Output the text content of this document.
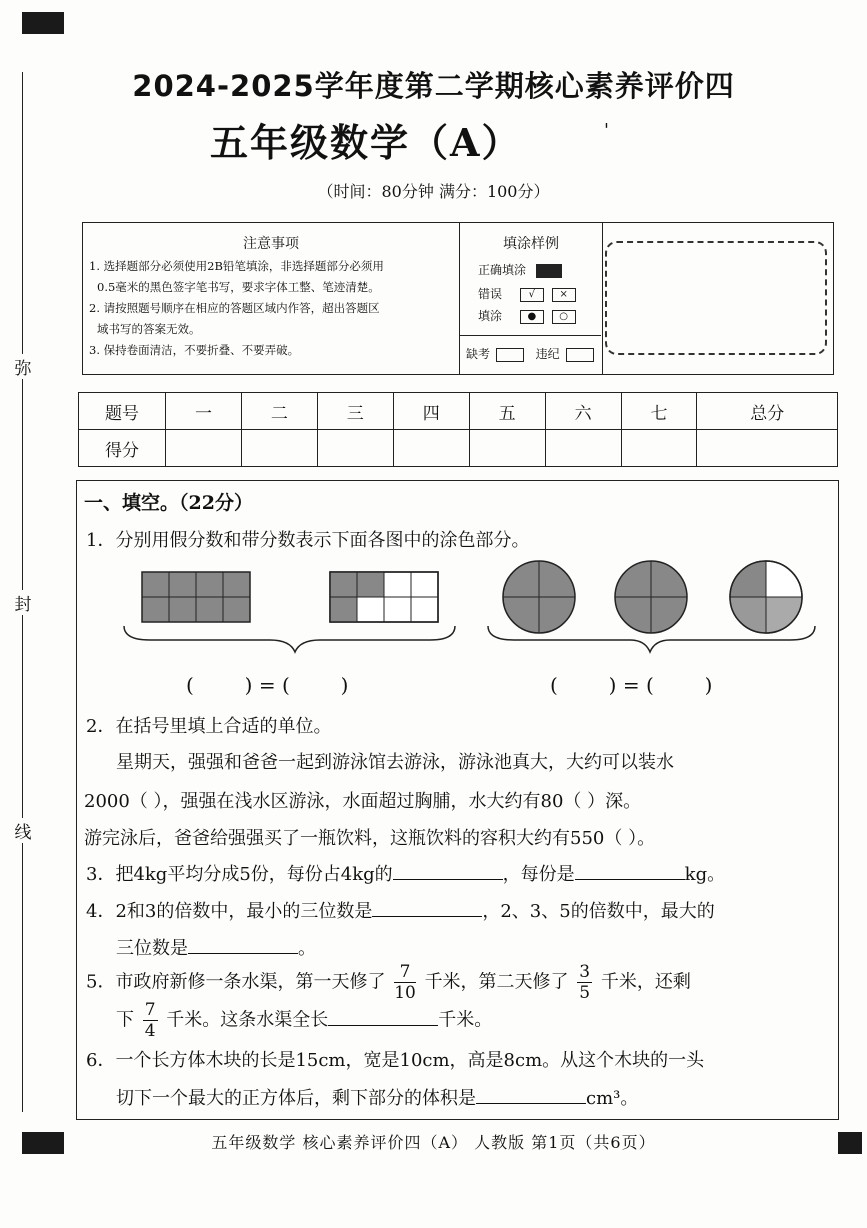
弥
封
线
2024-2025学年度第二学期核心素养评价四
五年级数学（A）	'
（时间：80分钟 满分：100分）
注意事项

1. 选择题部分必须使用2B铅笔填涂，非选择题部分必须用

0.5毫米的黑色签字笔书写，要求字体工整、笔迹清楚。

2. 请按照题号顺序在相应的答题区域内作答，超出答题区

域书写的答案无效。

3. 保持卷面清洁，不要折叠、不要弄破。

填涂样例
正确填涂
错误	√ ×
填涂	● ○
缺考	违纪
题号	一	二	三	四	五	六	七	总分
得分								
一、填空。（22分）
1．分别用假分数和带分数表示下面各图中的涂色部分。
(        ) = (        )	(        ) = (        )
2．在括号里填上合适的单位。
星期天，强强和爸爸一起到游泳馆去游泳，游泳池真大，大约可以装水
2000（ ），强强在浅水区游泳，水面超过胸脯，水大约有80（ ）深。
游完泳后，爸爸给强强买了一瓶饮料，这瓶饮料的容积大约有550（ ）。
3．把4kg平均分成5份，每份占4kg的	，每份是	kg。
4．2和3的倍数中，最小的三位数是	，2、3、5的倍数中，最大的
三位数是	。
5．市政府新修一条水渠，第一天修了 $\frac{7}{10}$ 千米，第二天修了 $\frac{3}{5}$ 千米，还剩
下 $\frac{7}{4}$ 千米。这条水渠全长	千米。
6．一个长方体木块的长是15cm，宽是10cm，高是8cm。从这个木块的一头
切下一个最大的正方体后，剩下部分的体积是	cm³。
五年级数学 核心素养评价四（A） 人教版 第1页（共6页）
